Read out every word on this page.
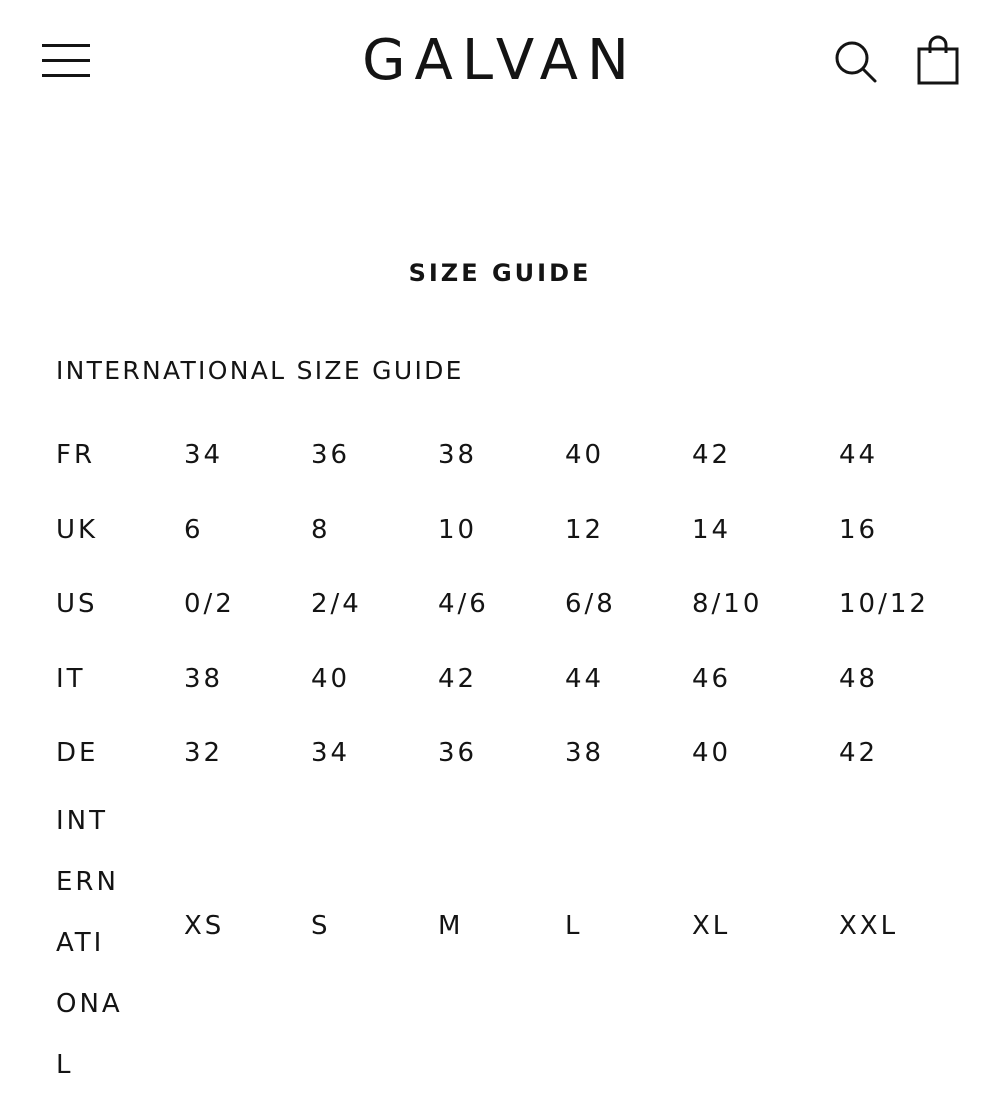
GALVAN
SIZE GUIDE
INTERNATIONAL SIZE GUIDE
FR	34	36	38	40	42	44
UK	6	8	10	12	14	16
US	0/2	2/4	4/6	6/8	8/10	10/12
IT	38	40	42	44	46	48
DE	32	34	36	38	40	42

INTERNATIONAL	XS	S	M	L	XL	XXL
